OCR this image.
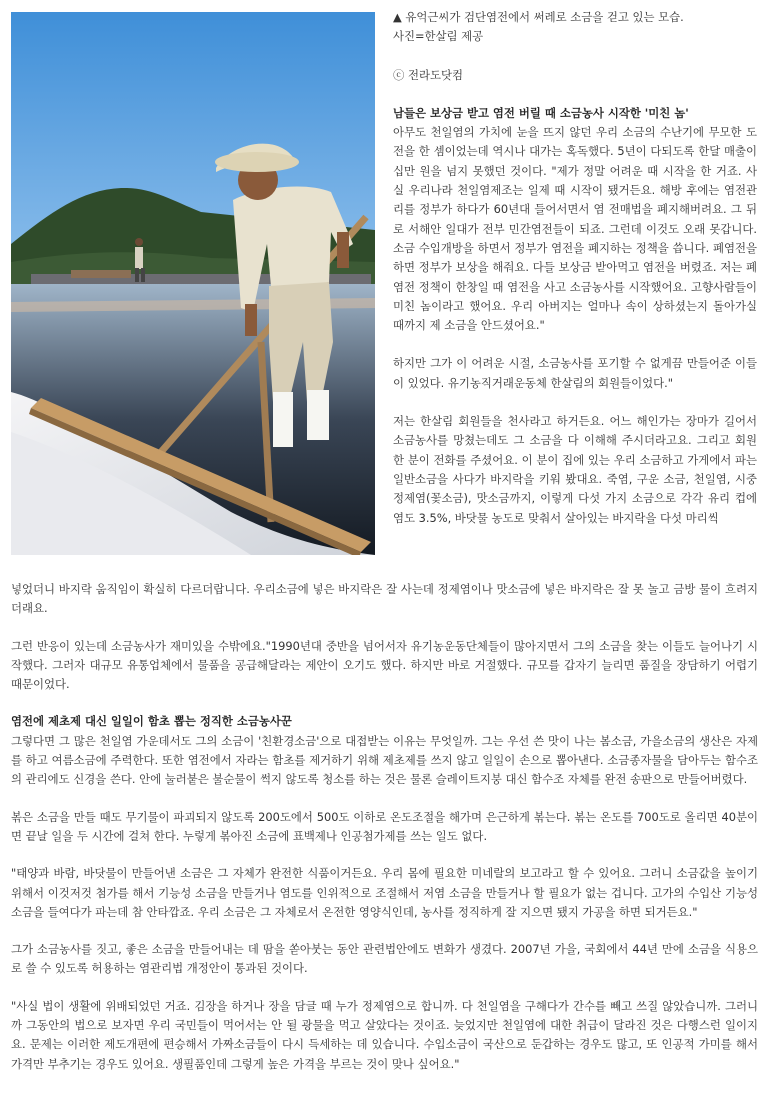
▲ 유억근씨가 검단염전에서 써레로 소금을 걷고 있는 모습.

사진=한살림 제공

ⓒ 전라도닷컴

남들은 보상금 받고 염전 버릴 때 소금농사 시작한 '미친 놈'

아무도 천일염의 가치에 눈을 뜨지 않던 우리 소금의 수난기에 무모한 도전을 한 셈이었는데 역시나 대가는 혹독했다. 5년이 다되도록 한달 매출이 십만 원을 넘지 못했던 것이다. "제가 정말 어려운 때 시작을 한 거죠. 사실 우리나라 천일염제조는 일제 때 시작이 됐거든요. 해방 후에는 염전관리를 정부가 하다가 60년대 들어서면서 염 전매법을 폐지해버려요. 그 뒤로 서해안 일대가 전부 민간염전들이 되죠. 그런데 이것도 오래 못갑니다. 소금 수입개방을 하면서 정부가 염전을 폐지하는 정책을 씁니다. 폐염전을 하면 정부가 보상을 해줘요. 다들 보상금 받아먹고 염전을 버렸죠. 저는 폐염전 정책이 한창일 때 염전을 사고 소금농사를 시작했어요. 고향사람들이 미친 놈이라고 했어요. 우리 아버지는 얼마나 속이 상하셨는지 돌아가실 때까지 제 소금을 안드셨어요."

하지만 그가 이 어려운 시절, 소금농사를 포기할 수 없게끔 만들어준 이들이 있었다. 유기농직거래운동체 한살림의 회원들이었다."

저는 한살림 회원들을 천사라고 하거든요. 어느 해인가는 장마가 길어서 소금농사를 망쳤는데도 그 소금을 다 이해해 주시더라고요. 그리고 회원 한 분이 전화를 주셨어요. 이 분이 집에 있는 우리 소금하고 가게에서 파는 일반소금을 사다가 바지락을 키워 봤대요. 죽염, 구운 소금, 천일염, 시중 정제염(꽃소금), 맛소금까지, 이렇게 다섯 가지 소금으로 각각 유리 컵에 염도 3.5%, 바닷물 농도로 맞춰서 살아있는 바지락을 다섯 마리씩

넣었더니 바지락 움직임이 확실히 다르더랍니다. 우리소금에 넣은 바지락은 잘 사는데 정제염이나 맛소금에 넣은 바지락은 잘 못 놀고 금방 물이 흐려지더래요.

그런 반응이 있는데 소금농사가 재미있을 수밖에요."1990년대 중반을 넘어서자 유기농운동단체들이 많아지면서 그의 소금을 찾는 이들도 늘어나기 시작했다. 그러자 대규모 유통업체에서 물품을 공급해달라는 제안이 오기도 했다. 하지만 바로 거절했다. 규모를 갑자기 늘리면 품질을 장담하기 어렵기 때문이었다.

염전에 제초제 대신 일일이 함초 뽑는 정직한 소금농사꾼

그렇다면 그 많은 천일염 가운데서도 그의 소금이 '친환경소금'으로 대접받는 이유는 무엇일까. 그는 우선 쓴 맛이 나는 봄소금, 가을소금의 생산은 자제를 하고 여름소금에 주력한다. 또한 염전에서 자라는 함초를 제거하기 위해 제초제를 쓰지 않고 일일이 손으로 뽑아낸다. 소금종자물을 담아두는 함수조의 관리에도 신경을 쓴다. 안에 눌러붙은 불순물이 썩지 않도록 청소를 하는 것은 물론 슬레이트지붕 대신 함수조 자체를 완전 송판으로 만들어버렸다.

볶은 소금을 만들 때도 무기물이 파괴되지 않도록 200도에서 500도 이하로 온도조절을 해가며 은근하게 볶는다. 볶는 온도를 700도로 올리면 40분이면 끝날 일을 두 시간에 걸쳐 한다. 누렇게 볶아진 소금에 표백제나 인공첨가제를 쓰는 일도 없다.

"태양과 바람, 바닷물이 만들어낸 소금은 그 자체가 완전한 식품이거든요. 우리 몸에 필요한 미네랄의 보고라고 할 수 있어요. 그러니 소금값을 높이기 위해서 이것저것 첨가를 해서 기능성 소금을 만들거나 염도를 인위적으로 조절해서 저염 소금을 만들거나 할 필요가 없는 겁니다. 고가의 수입산 기능성 소금을 들여다가 파는데 참 안타깝죠. 우리 소금은 그 자체로서 온전한 영양식인데, 농사를 정직하게 잘 지으면 됐지 가공을 하면 되거든요."

그가 소금농사를 짓고, 좋은 소금을 만들어내는 데 땀을 쏟아붓는 동안 관련법안에도 변화가 생겼다. 2007년 가을, 국회에서 44년 만에 소금을 식용으로 쓸 수 있도록 허용하는 염관리법 개정안이 통과된 것이다.

"사실 법이 생활에 위배되었던 거죠. 김장을 하거나 장을 담글 때 누가 정제염으로 합니까. 다 천일염을 구해다가 간수를 빼고 쓰질 않았습니까. 그러니까 그동안의 법으로 보자면 우리 국민들이 먹어서는 안 될 광물을 먹고 살았다는 것이죠. 늦었지만 천일염에 대한 취급이 달라진 것은 다행스런 일이지요. 문제는 이러한 제도개편에 편승해서 가짜소금들이 다시 득세하는 데 있습니다. 수입소금이 국산으로 둔갑하는 경우도 많고, 또 인공적 가미를 해서 가격만 부추기는 경우도 있어요. 생필품인데 그렇게 높은 가격을 부르는 것이 맞나 싶어요."
